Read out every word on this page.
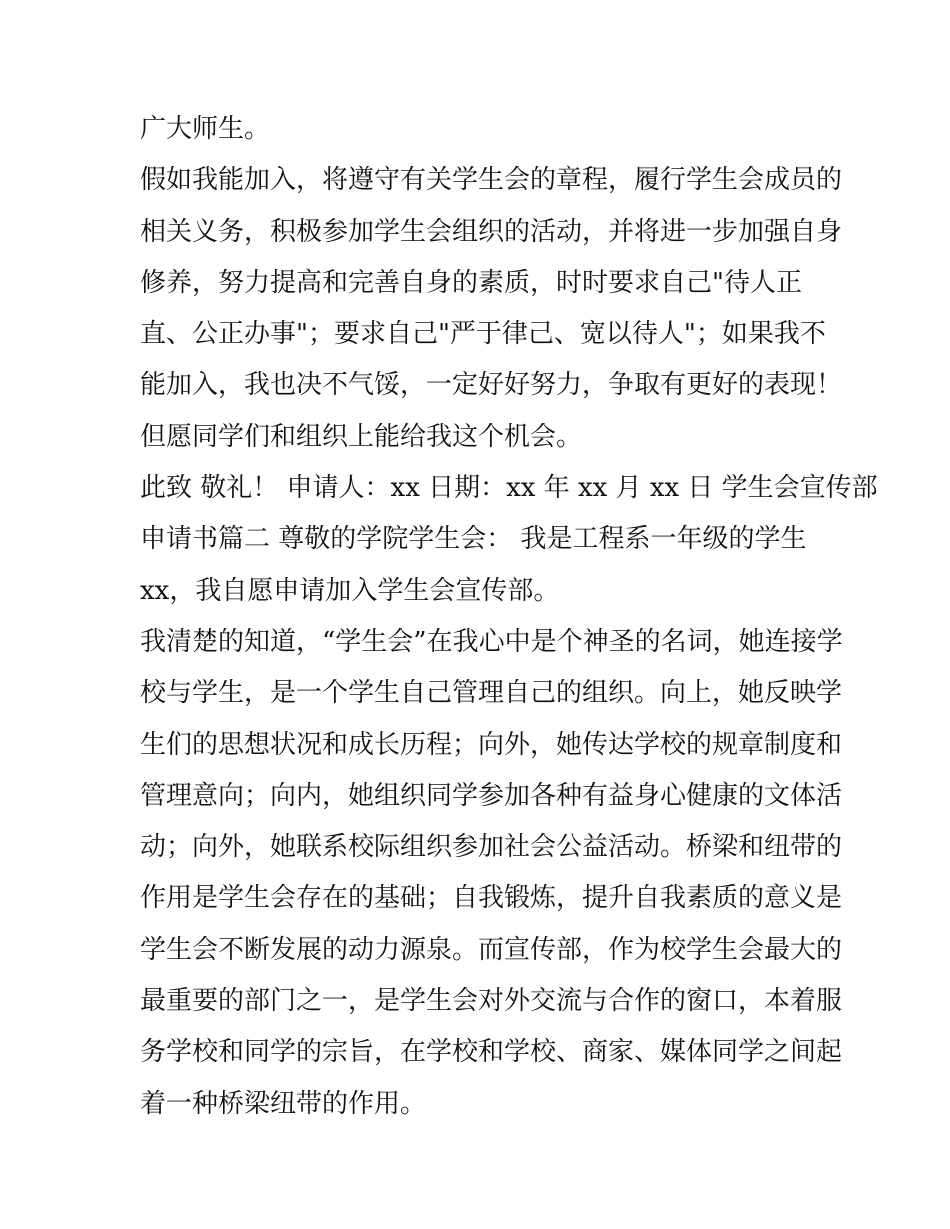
广大师生。
假如我能加入，将遵守有关学生会的章程，履行学生会成员的
相关义务，积极参加学生会组织的活动，并将进一步加强自身
修养，努力提高和完善自身的素质，时时要求自己"待人正
直、公正办事"；要求自己"严于律己、宽以待人"；如果我不
能加入，我也决不气馁，一定好好努力，争取有更好的表现！
但愿同学们和组织上能给我这个机会。
此致 敬礼！ 申请人：xx 日期：xx 年 xx 月 xx 日 学生会宣传部
申请书篇二 尊敬的学院学生会： 我是工程系一年级的学生
xx，我自愿申请加入学生会宣传部。
我清楚的知道，“学生会”在我心中是个神圣的名词，她连接学
校与学生，是一个学生自己管理自己的组织。向上，她反映学
生们的思想状况和成长历程；向外，她传达学校的规章制度和
管理意向；向内，她组织同学参加各种有益身心健康的文体活
动；向外，她联系校际组织参加社会公益活动。桥梁和纽带的
作用是学生会存在的基础；自我锻炼，提升自我素质的意义是
学生会不断发展的动力源泉。而宣传部，作为校学生会最大的
最重要的部门之一，是学生会对外交流与合作的窗口，本着服
务学校和同学的宗旨，在学校和学校、商家、媒体同学之间起
着一种桥梁纽带的作用。
